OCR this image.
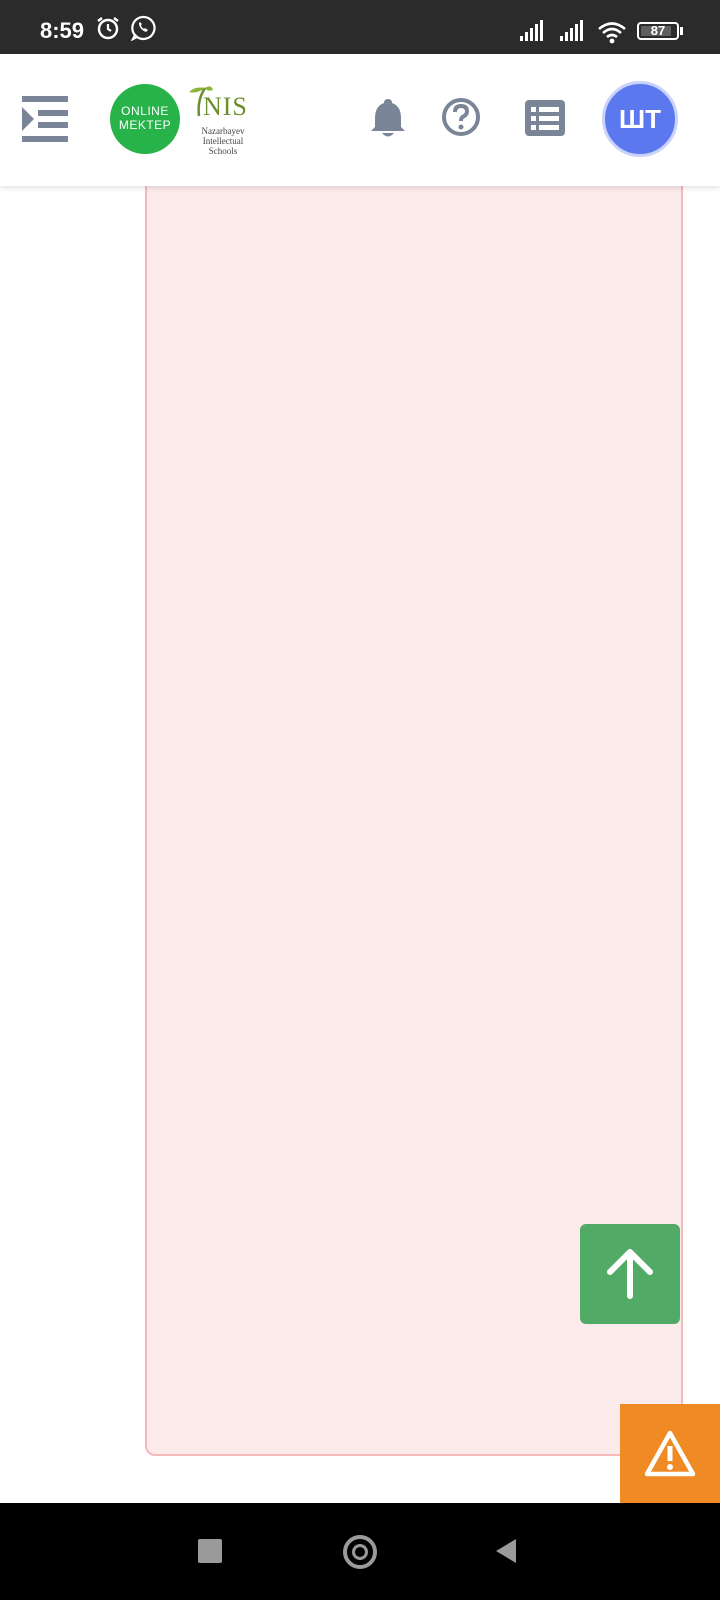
8:59	87
ONLINE
MEKTEP
NIS
Nazarbayev
Intellectual
Schools
ШТ
